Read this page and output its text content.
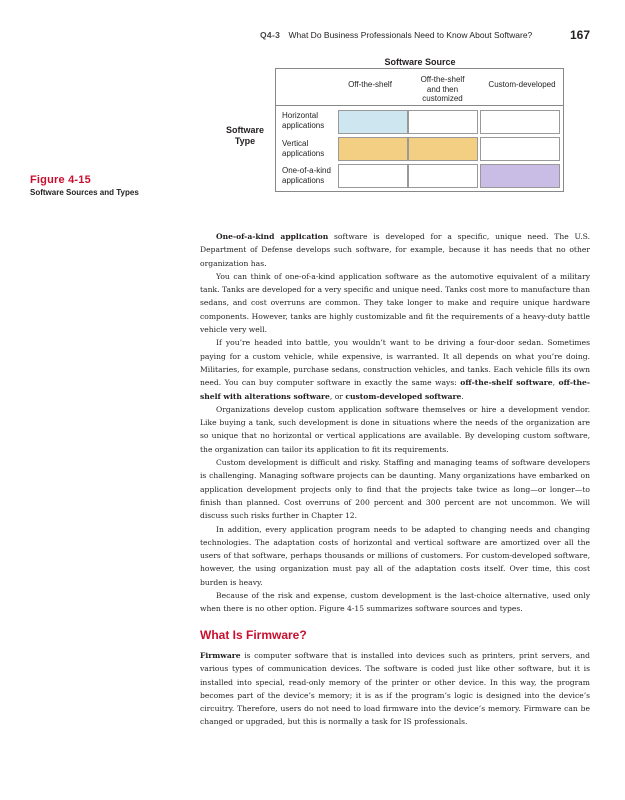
Q4-3 What Do Business Professionals Need to Know About Software?	167
Figure 4-15
Software Sources and Types
Software Source
Software
Type
Off-the-shelf
Off-the-shelf
and then
customized
Custom-developed
Horizontal
applications
Vertical
applications
One-of-a-kind
applications

One-of-a-kind application software is developed for a specific, unique need. The U.S. Department of Defense develops such software, for example, because it has needs that no other organization has.

You can think of one-of-a-kind application software as the automotive equivalent of a military tank. Tanks are developed for a very specific and unique need. Tanks cost more to manufacture than sedans, and cost overruns are common. They take longer to make and require unique hardware components. However, tanks are highly customizable and fit the requirements of a heavy-duty battle vehicle very well.

If you’re headed into battle, you wouldn’t want to be driving a four-door sedan. Sometimes paying for a custom vehicle, while expensive, is warranted. It all depends on what you’re doing. Militaries, for example, purchase sedans, construction vehicles, and tanks. Each vehicle fills its own need. You can buy computer software in exactly the same ways: off-the-shelf software, off-the-shelf with alterations software, or custom-developed software.

Organizations develop custom application software themselves or hire a development vendor. Like buying a tank, such development is done in situations where the needs of the organization are so unique that no horizontal or vertical applications are available. By developing custom software, the organization can tailor its application to fit its requirements.

Custom development is difficult and risky. Staffing and managing teams of software developers is challenging. Managing software projects can be daunting. Many organizations have embarked on application development projects only to find that the projects take twice as long—or longer—to finish than planned. Cost overruns of 200 percent and 300 percent are not uncommon. We will discuss such risks further in Chapter 12.

In addition, every application program needs to be adapted to changing needs and changing technologies. The adaptation costs of horizontal and vertical software are amortized over all the users of that software, perhaps thousands or millions of customers. For custom-developed software, however, the using organization must pay all of the adaptation costs itself. Over time, this cost burden is heavy.

Because of the risk and expense, custom development is the last-choice alternative, used only when there is no other option. Figure 4-15 summarizes software sources and types.

What Is Firmware?

Firmware is computer software that is installed into devices such as printers, print servers, and various types of communication devices. The software is coded just like other software, but it is installed into special, read-only memory of the printer or other device. In this way, the program becomes part of the device’s memory; it is as if the program’s logic is designed into the device’s circuitry. Therefore, users do not need to load firmware into the device’s memory. Firmware can be changed or upgraded, but this is normally a task for IS professionals.
